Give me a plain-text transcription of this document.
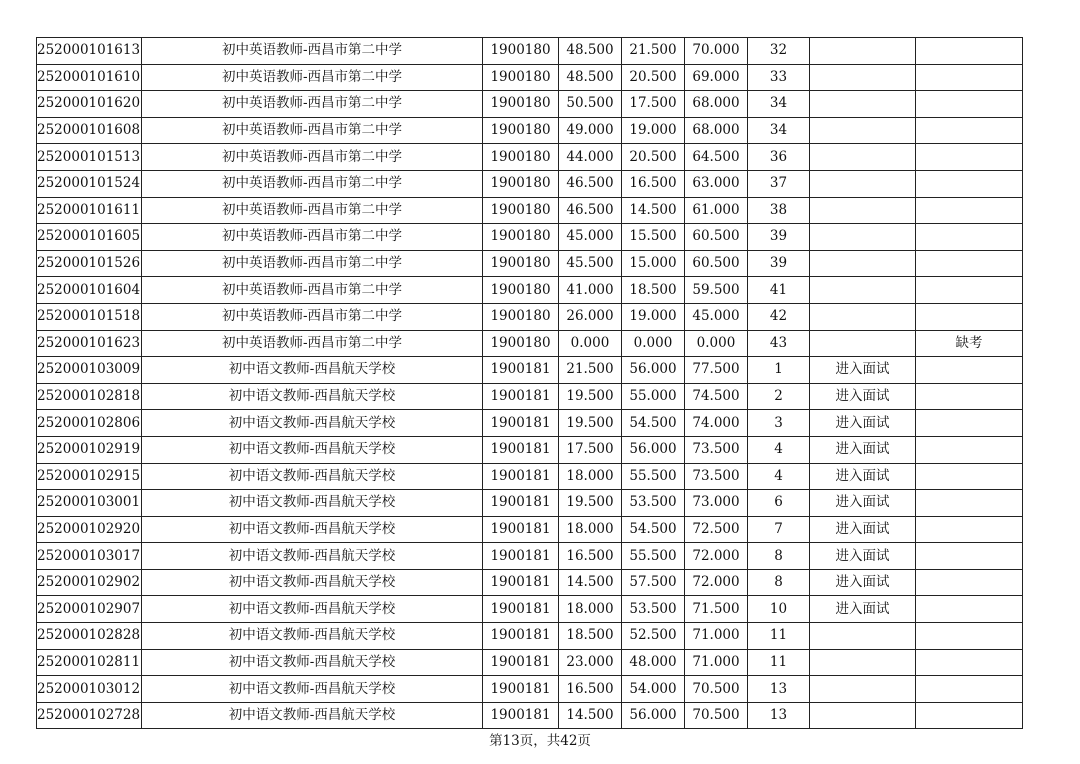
252000101613	初中英语教师-西昌市第二中学	1900180	48.500	21.500	70.000	32		
252000101610	初中英语教师-西昌市第二中学	1900180	48.500	20.500	69.000	33		
252000101620	初中英语教师-西昌市第二中学	1900180	50.500	17.500	68.000	34		
252000101608	初中英语教师-西昌市第二中学	1900180	49.000	19.000	68.000	34		
252000101513	初中英语教师-西昌市第二中学	1900180	44.000	20.500	64.500	36		
252000101524	初中英语教师-西昌市第二中学	1900180	46.500	16.500	63.000	37		
252000101611	初中英语教师-西昌市第二中学	1900180	46.500	14.500	61.000	38		
252000101605	初中英语教师-西昌市第二中学	1900180	45.000	15.500	60.500	39		
252000101526	初中英语教师-西昌市第二中学	1900180	45.500	15.000	60.500	39		
252000101604	初中英语教师-西昌市第二中学	1900180	41.000	18.500	59.500	41		
252000101518	初中英语教师-西昌市第二中学	1900180	26.000	19.000	45.000	42		
252000101623	初中英语教师-西昌市第二中学	1900180	0.000	0.000	0.000	43		缺考
252000103009	初中语文教师-西昌航天学校	1900181	21.500	56.000	77.500	1	进入面试	
252000102818	初中语文教师-西昌航天学校	1900181	19.500	55.000	74.500	2	进入面试	
252000102806	初中语文教师-西昌航天学校	1900181	19.500	54.500	74.000	3	进入面试	
252000102919	初中语文教师-西昌航天学校	1900181	17.500	56.000	73.500	4	进入面试	
252000102915	初中语文教师-西昌航天学校	1900181	18.000	55.500	73.500	4	进入面试	
252000103001	初中语文教师-西昌航天学校	1900181	19.500	53.500	73.000	6	进入面试	
252000102920	初中语文教师-西昌航天学校	1900181	18.000	54.500	72.500	7	进入面试	
252000103017	初中语文教师-西昌航天学校	1900181	16.500	55.500	72.000	8	进入面试	
252000102902	初中语文教师-西昌航天学校	1900181	14.500	57.500	72.000	8	进入面试	
252000102907	初中语文教师-西昌航天学校	1900181	18.000	53.500	71.500	10	进入面试	
252000102828	初中语文教师-西昌航天学校	1900181	18.500	52.500	71.000	11		
252000102811	初中语文教师-西昌航天学校	1900181	23.000	48.000	71.000	11		
252000103012	初中语文教师-西昌航天学校	1900181	16.500	54.000	70.500	13		
252000102728	初中语文教师-西昌航天学校	1900181	14.500	56.000	70.500	13		
第13页，共42页
